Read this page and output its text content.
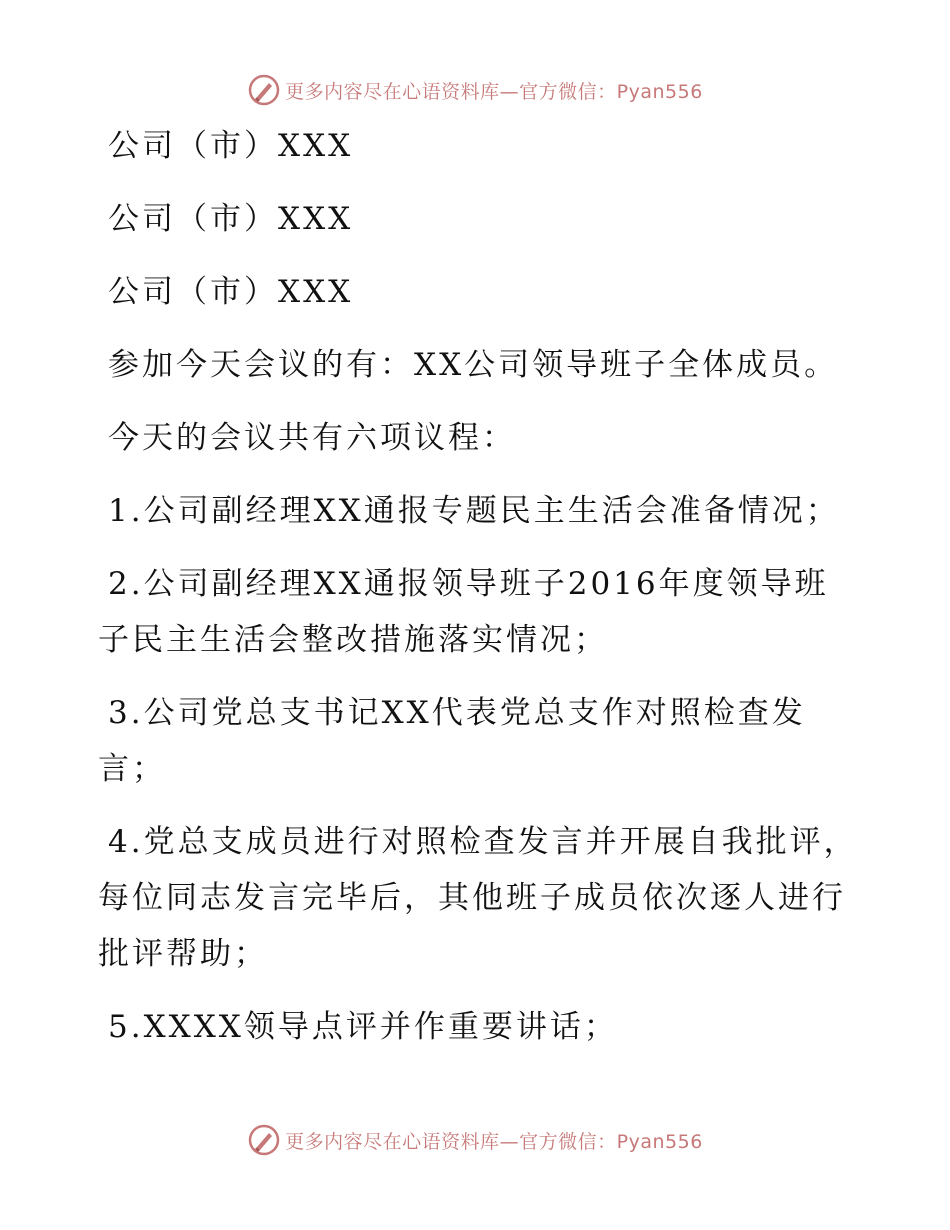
更多内容尽在心语资料库—官方微信：Pyan556

公司（市）XXX

公司（市）XXX

公司（市）XXX

参加今天会议的有：XX公司领导班子全体成员。

今天的会议共有六项议程：

1.公司副经理XX通报专题民主生活会准备情况；

2.公司副经理XX通报领导班子2016年度领导班子民主生活会整改措施落实情况；

3.公司党总支书记XX代表党总支作对照检查发言；

4.党总支成员进行对照检查发言并开展自我批评，每位同志发言完毕后，其他班子成员依次逐人进行批评帮助；

5.XXXX领导点评并作重要讲话；

更多内容尽在心语资料库—官方微信：Pyan556
